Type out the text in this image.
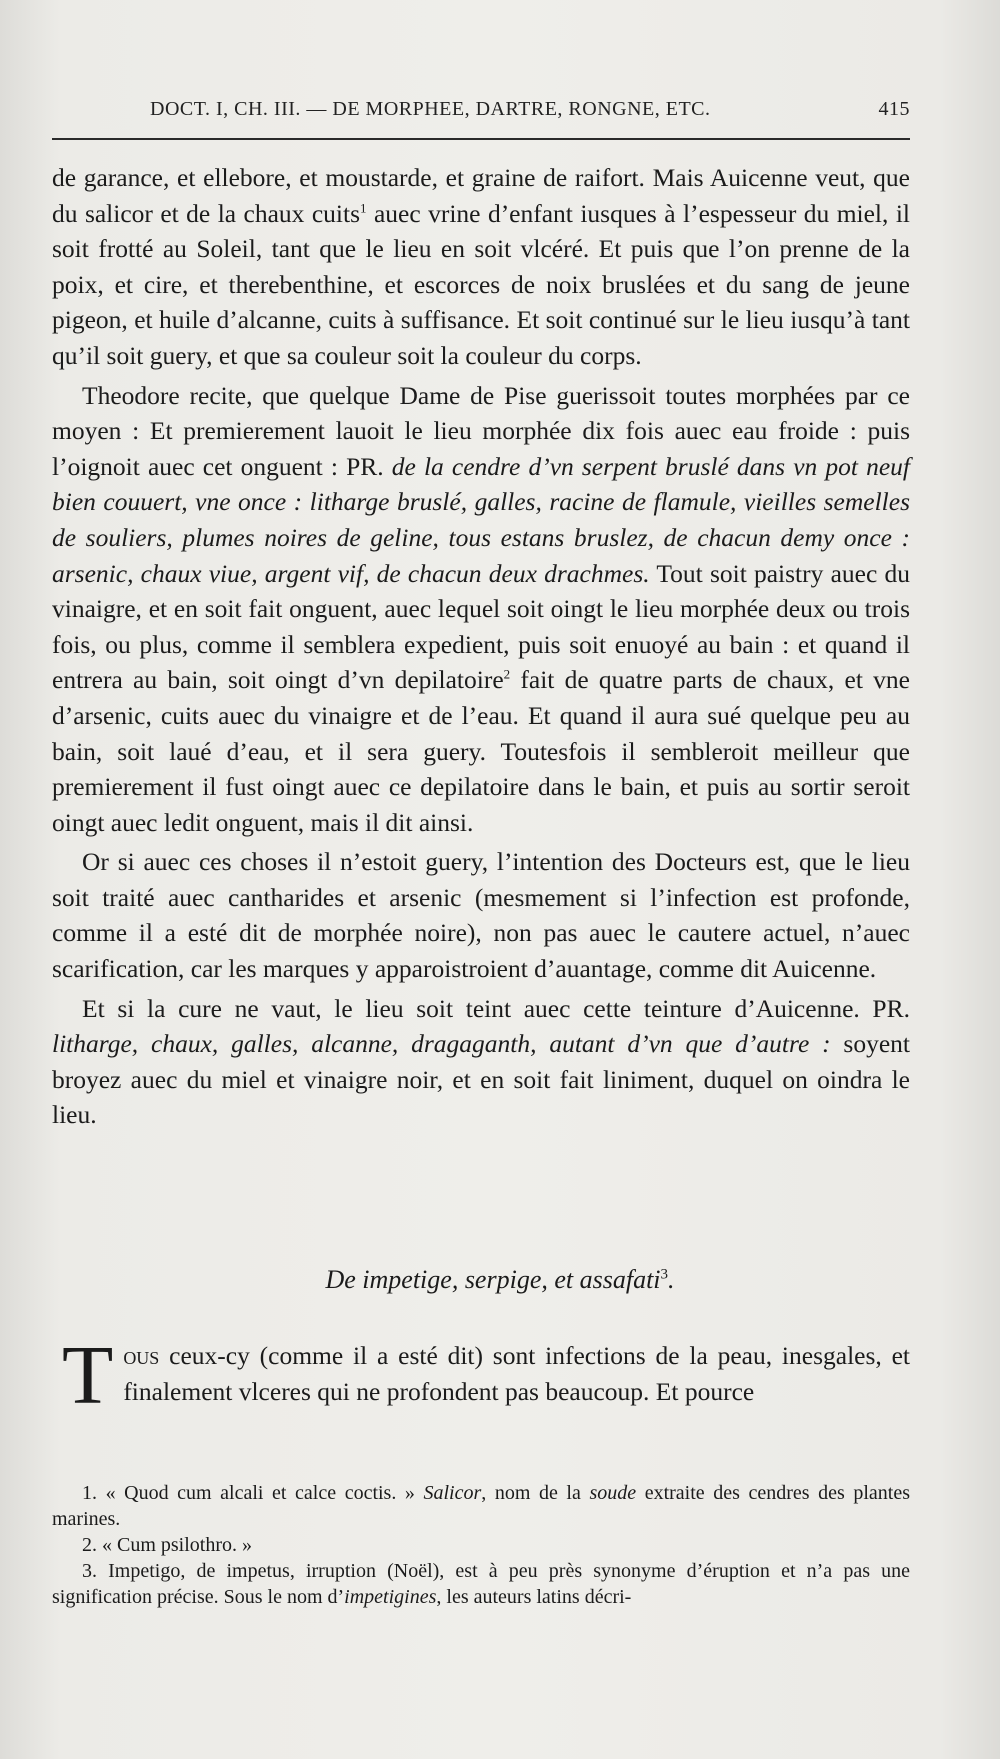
DOCT. I, CH. III. — DE MORPHEE, DARTRE, RONGNE, ETC.	415

de garance, et ellebore, et moustarde, et graine de raifort. Mais Auicenne veut, que du salicor et de la chaux cuits$^1$ auec vrine d’enfant iusques à l’espesseur du miel, il soit frotté au Soleil, tant que le lieu en soit vlcéré. Et puis que l’on prenne de la poix, et cire, et therebenthine, et escorces de noix bruslées et du sang de jeune pigeon, et huile d’alcanne, cuits à suffisance. Et soit continué sur le lieu iusqu’à tant qu’il soit guery, et que sa couleur soit la couleur du corps.

Theodore recite, que quelque Dame de Pise guerissoit toutes morphées par ce moyen : Et premierement lauoit le lieu morphée dix fois auec eau froide : puis l’oignoit auec cet onguent : PR. de la cendre d’vn serpent bruslé dans vn pot neuf bien couuert, vne once : litharge bruslé, galles, racine de flamule, vieilles semelles de souliers, plumes noires de geline, tous estans bruslez, de chacun demy once : arsenic, chaux viue, argent vif, de chacun deux drachmes. Tout soit paistry auec du vinaigre, et en soit fait onguent, auec lequel soit oingt le lieu morphée deux ou trois fois, ou plus, comme il semblera expedient, puis soit enuoyé au bain : et quand il entrera au bain, soit oingt d’vn depilatoire$^2$ fait de quatre parts de chaux, et vne d’arsenic, cuits auec du vinaigre et de l’eau. Et quand il aura sué quelque peu au bain, soit laué d’eau, et il sera guery. Toutesfois il sembleroit meilleur que premierement il fust oingt auec ce depilatoire dans le bain, et puis au sortir seroit oingt auec ledit onguent, mais il dit ainsi.

Or si auec ces choses il n’estoit guery, l’intention des Docteurs est, que le lieu soit traité auec cantharides et arsenic (mesmement si l’infection est profonde, comme il a esté dit de morphée noire), non pas auec le cautere actuel, n’auec scarification, car les marques y apparoistroient d’auantage, comme dit Auicenne.

Et si la cure ne vaut, le lieu soit teint auec cette teinture d’Auicenne. PR. litharge, chaux, galles, alcanne, dragaganth, autant d’vn que d’autre : soyent broyez auec du miel et vinaigre noir, et en soit fait liniment, duquel on oindra le lieu.

De impetige, serpige, et assafati$^3$.
Tous ceux-cy (comme il a esté dit) sont infections de la peau, inesgales, et finalement vlceres qui ne profondent pas beaucoup. Et pource

1. « Quod cum alcali et calce coctis. » Salicor, nom de la soude extraite des cendres des plantes marines.

2. « Cum psilothro. »

3. Impetigo, de impetus, irruption (Noël), est à peu près synonyme d’éruption et n’a pas une signification précise. Sous le nom d’impetigines, les auteurs latins décri-
